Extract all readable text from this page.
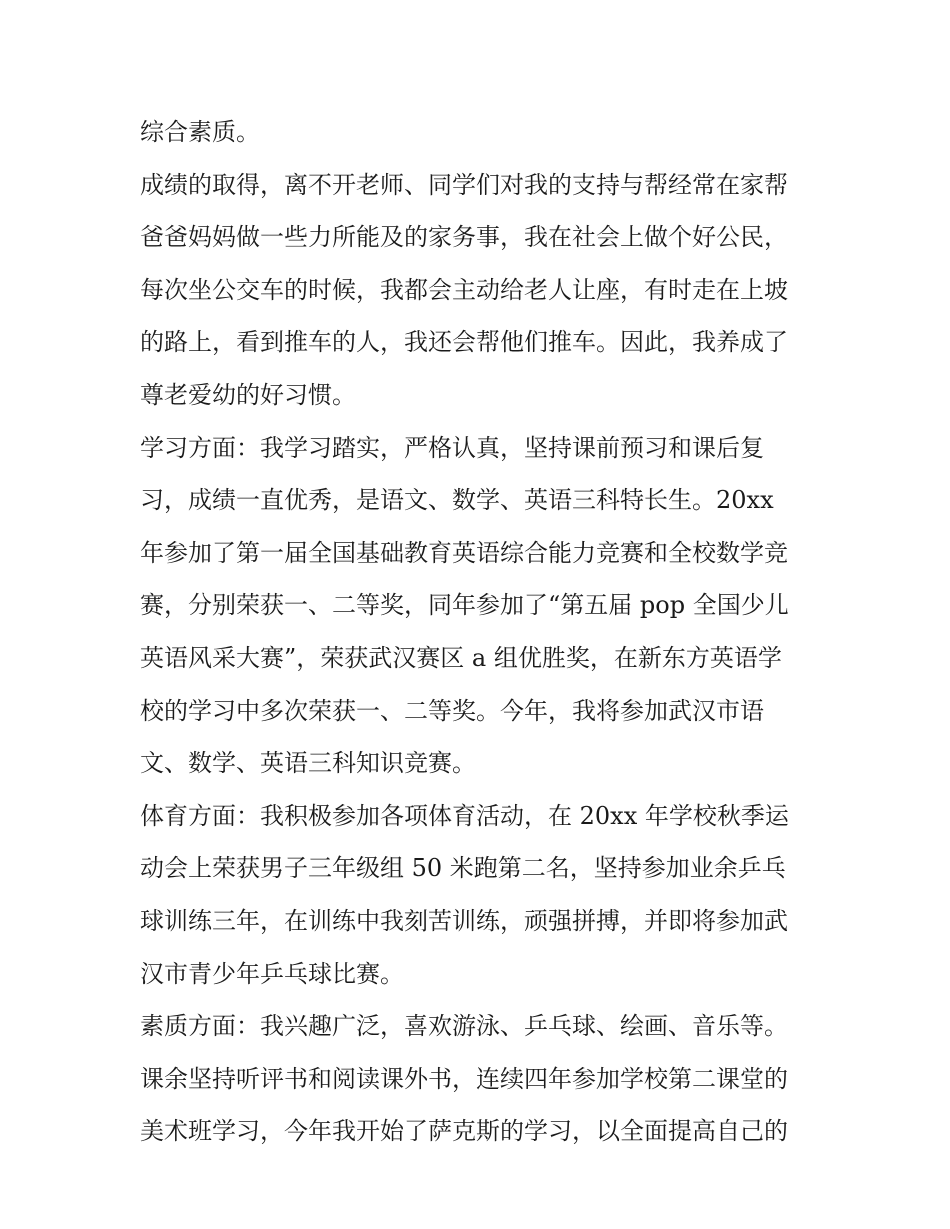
综合素质。
成绩的取得，离不开老师、同学们对我的支持与帮经常在家帮
爸爸妈妈做一些力所能及的家务事，我在社会上做个好公民，
每次坐公交车的时候，我都会主动给老人让座，有时走在上坡
的路上，看到推车的人，我还会帮他们推车。因此，我养成了
尊老爱幼的好习惯。
学习方面：我学习踏实，严格认真，坚持课前预习和课后复
习，成绩一直优秀，是语文、数学、英语三科特长生。20xx
年参加了第一届全国基础教育英语综合能力竞赛和全校数学竞
赛，分别荣获一、二等奖，同年参加了“第五届 pop 全国少儿
英语风采大赛”，荣获武汉赛区 a 组优胜奖，在新东方英语学
校的学习中多次荣获一、二等奖。今年，我将参加武汉市语
文、数学、英语三科知识竞赛。
体育方面：我积极参加各项体育活动，在 20xx 年学校秋季运
动会上荣获男子三年级组 50 米跑第二名，坚持参加业余乒乓
球训练三年，在训练中我刻苦训练，顽强拼搏，并即将参加武
汉市青少年乒乓球比赛。
素质方面：我兴趣广泛，喜欢游泳、乒乓球、绘画、音乐等。
课余坚持听评书和阅读课外书，连续四年参加学校第二课堂的
美术班学习，今年我开始了萨克斯的学习，以全面提高自己的
